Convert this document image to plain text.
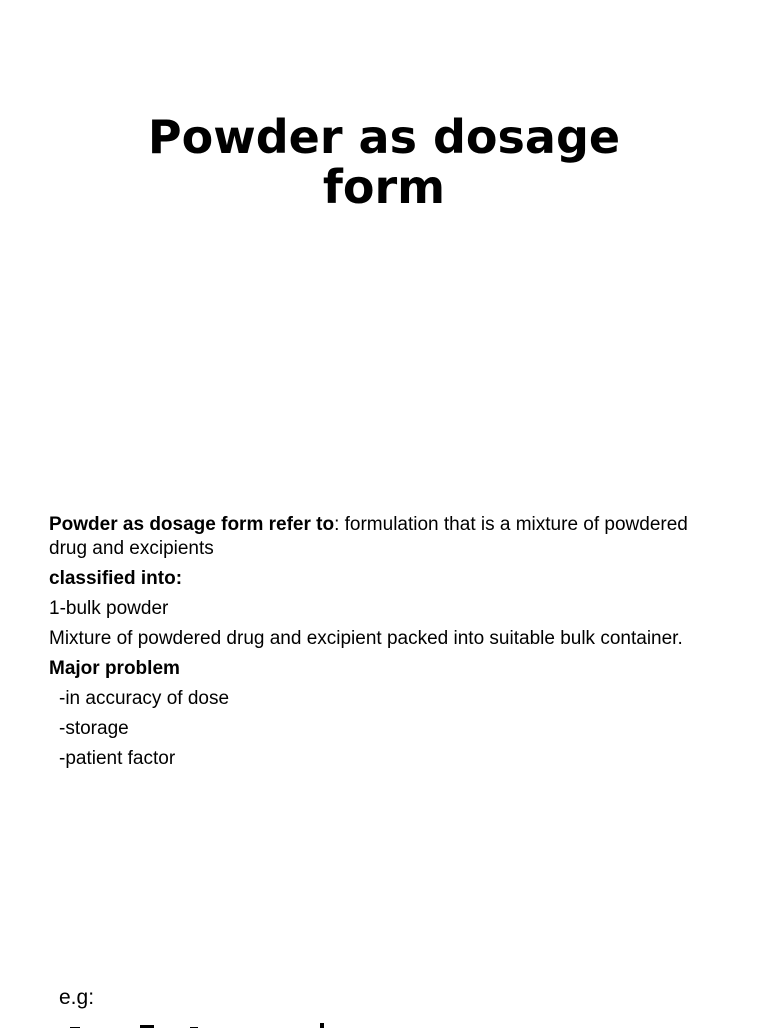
Powder as dosage
form

Powder as dosage form refer to: formulation that is a mixture of powdered drug and excipients

classified into:

1-bulk powder

Mixture of powdered drug and excipient packed into suitable bulk container.

Major problem

-in accuracy of dose

-storage

-patient factor

e.g:
